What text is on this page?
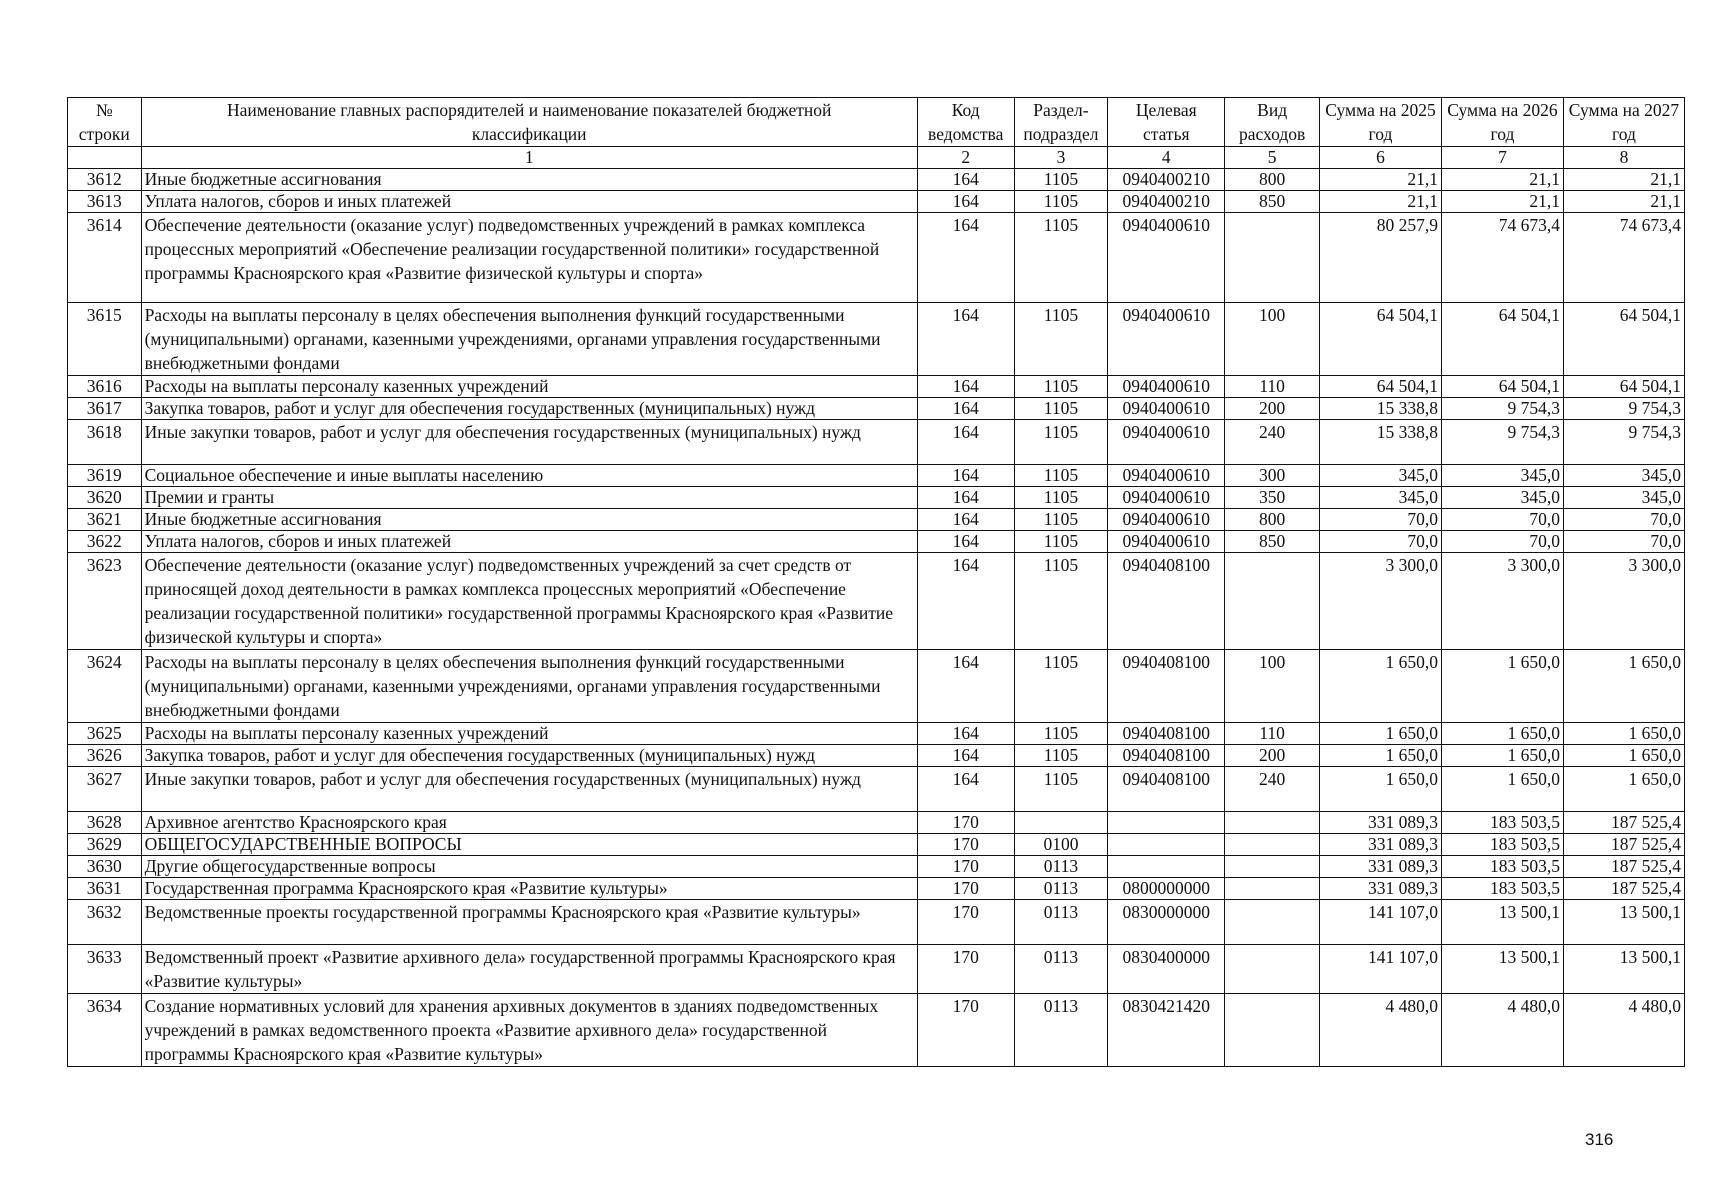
№
строки	Наименование главных распорядителей и наименование показателей бюджетной классификации	Код ведомства	Раздел-подраздел	Целевая статья	Вид расходов	Сумма на 2025 год	Сумма на 2026 год	Сумма на 2027 год
	1	2	3	4	5	6	7	8
3612	Иные бюджетные ассигнования	164	1105	0940400210	800	21,1	21,1	21,1
3613	Уплата налогов, сборов и иных платежей	164	1105	0940400210	850	21,1	21,1	21,1
3614	Обеспечение деятельности (оказание услуг) подведомственных учреждений в рамках комплекса процессных мероприятий «Обеспечение реализации государственной политики» государственной программы Красноярского края «Развитие физической культуры и спорта»	164	1105	0940400610		80 257,9	74 673,4	74 673,4
3615	Расходы на выплаты персоналу в целях обеспечения выполнения функций государственными (муниципальными) органами, казенными учреждениями, органами управления государственными внебюджетными фондами	164	1105	0940400610	100	64 504,1	64 504,1	64 504,1
3616	Расходы на выплаты персоналу казенных учреждений	164	1105	0940400610	110	64 504,1	64 504,1	64 504,1
3617	Закупка товаров, работ и услуг для обеспечения государственных (муниципальных) нужд	164	1105	0940400610	200	15 338,8	9 754,3	9 754,3
3618	Иные закупки товаров, работ и услуг для обеспечения государственных (муниципальных) нужд	164	1105	0940400610	240	15 338,8	9 754,3	9 754,3
3619	Социальное обеспечение и иные выплаты населению	164	1105	0940400610	300	345,0	345,0	345,0
3620	Премии и гранты	164	1105	0940400610	350	345,0	345,0	345,0
3621	Иные бюджетные ассигнования	164	1105	0940400610	800	70,0	70,0	70,0
3622	Уплата налогов, сборов и иных платежей	164	1105	0940400610	850	70,0	70,0	70,0
3623	Обеспечение деятельности (оказание услуг) подведомственных учреждений за счет средств от приносящей доход деятельности в рамках комплекса процессных мероприятий «Обеспечение реализации государственной политики» государственной программы Красноярского края «Развитие физической культуры и спорта»	164	1105	0940408100		3 300,0	3 300,0	3 300,0
3624	Расходы на выплаты персоналу в целях обеспечения выполнения функций государственными (муниципальными) органами, казенными учреждениями, органами управления государственными внебюджетными фондами	164	1105	0940408100	100	1 650,0	1 650,0	1 650,0
3625	Расходы на выплаты персоналу казенных учреждений	164	1105	0940408100	110	1 650,0	1 650,0	1 650,0
3626	Закупка товаров, работ и услуг для обеспечения государственных (муниципальных) нужд	164	1105	0940408100	200	1 650,0	1 650,0	1 650,0
3627	Иные закупки товаров, работ и услуг для обеспечения государственных (муниципальных) нужд	164	1105	0940408100	240	1 650,0	1 650,0	1 650,0
3628	Архивное агентство Красноярского края	170				331 089,3	183 503,5	187 525,4
3629	ОБЩЕГОСУДАРСТВЕННЫЕ ВОПРОСЫ	170	0100			331 089,3	183 503,5	187 525,4
3630	Другие общегосударственные вопросы	170	0113			331 089,3	183 503,5	187 525,4
3631	Государственная программа Красноярского края «Развитие культуры»	170	0113	0800000000		331 089,3	183 503,5	187 525,4
3632	Ведомственные проекты государственной программы Красноярского края «Развитие культуры»	170	0113	0830000000		141 107,0	13 500,1	13 500,1
3633	Ведомственный проект «Развитие архивного дела» государственной программы Красноярского края «Развитие культуры»	170	0113	0830400000		141 107,0	13 500,1	13 500,1
3634	Создание нормативных условий для хранения архивных документов в зданиях подведомственных учреждений в рамках ведомственного проекта «Развитие архивного дела» государственной программы Красноярского края «Развитие культуры»	170	0113	0830421420		4 480,0	4 480,0	4 480,0
316
